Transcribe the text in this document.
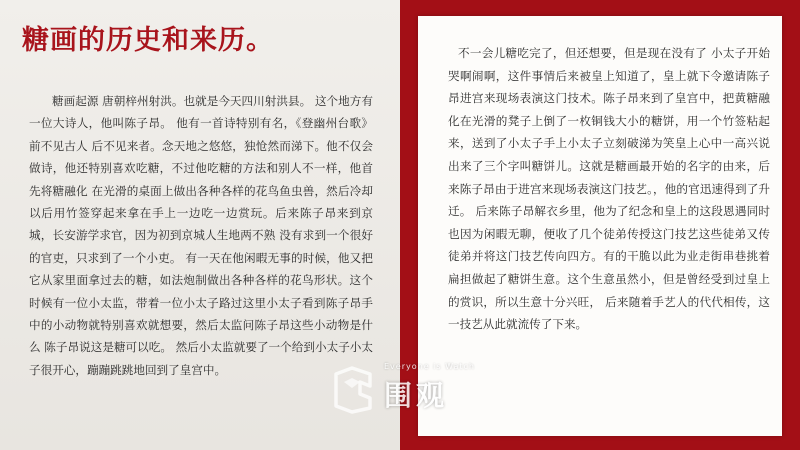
糖画的历史和来历。

糖画起源 唐朝梓州射洪。也就是今天四川射洪县。 这个地方有一位大诗人，他叫陈子昂。 他有一首诗特别有名，《登幽州台歌》前不见古人 后不见来者。念天地之悠悠，独怆然而涕下。他不仅会做诗，他还特别喜欢吃糖，不过他吃糖的方法和别人不一样，他首先将糖融化 在光滑的桌面上做出各种各样的花鸟鱼虫兽，然后冷却以后用竹签穿起来拿在手上一边吃一边赏玩。后来陈子昂来到京城，长安游学求官，因为初到京城人生地两不熟 没有求到一个很好的官吏，只求到了一个小吏。 有一天在他闲暇无事的时候，他又把它从家里面拿过去的糖，如法炮制做出各种各样的花鸟形状。这个时候有一位小太监，带着一位小太子路过这里小太子看到陈子昂手中的小动物就特别喜欢就想要，然后太监问陈子昂这些小动物是什么 陈子昂说这是糖可以吃。 然后小太监就要了一个给到小太子小太子很开心，蹦蹦跳跳地回到了皇宫中。

不一会儿糖吃完了，但还想要，但是现在没有了 小太子开始哭啊闹啊，这件事情后来被皇上知道了，皇上就下令邀请陈子昂进宫来现场表演这门技术。陈子昂来到了皇宫中，把黄糖融化在光滑的凳子上倒了一枚铜钱大小的糖饼，用一个竹签粘起来，送到了小太子手上小太子立刻破涕为笑皇上心中一高兴说出来了三个字叫糖饼儿。这就是糖画最开始的名字的由来，后来陈子昂由于进宫来现场表演这门技艺。，他的官迅速得到了升迁。 后来陈子昂解衣乡里，他为了纪念和皇上的这段恩遇同时也因为闲暇无聊，便收了几个徒弟传授这门技艺这些徒弟又传徒弟并将这门技艺传向四方。有的干脆以此为业走街串巷挑着扁担做起了糖饼生意。这个生意虽然小，但是曾经受到过皇上的赏识，所以生意十分兴旺， 后来随着手艺人的代代相传，这一技艺从此就流传了下来。

Everyone is Watch
围观
